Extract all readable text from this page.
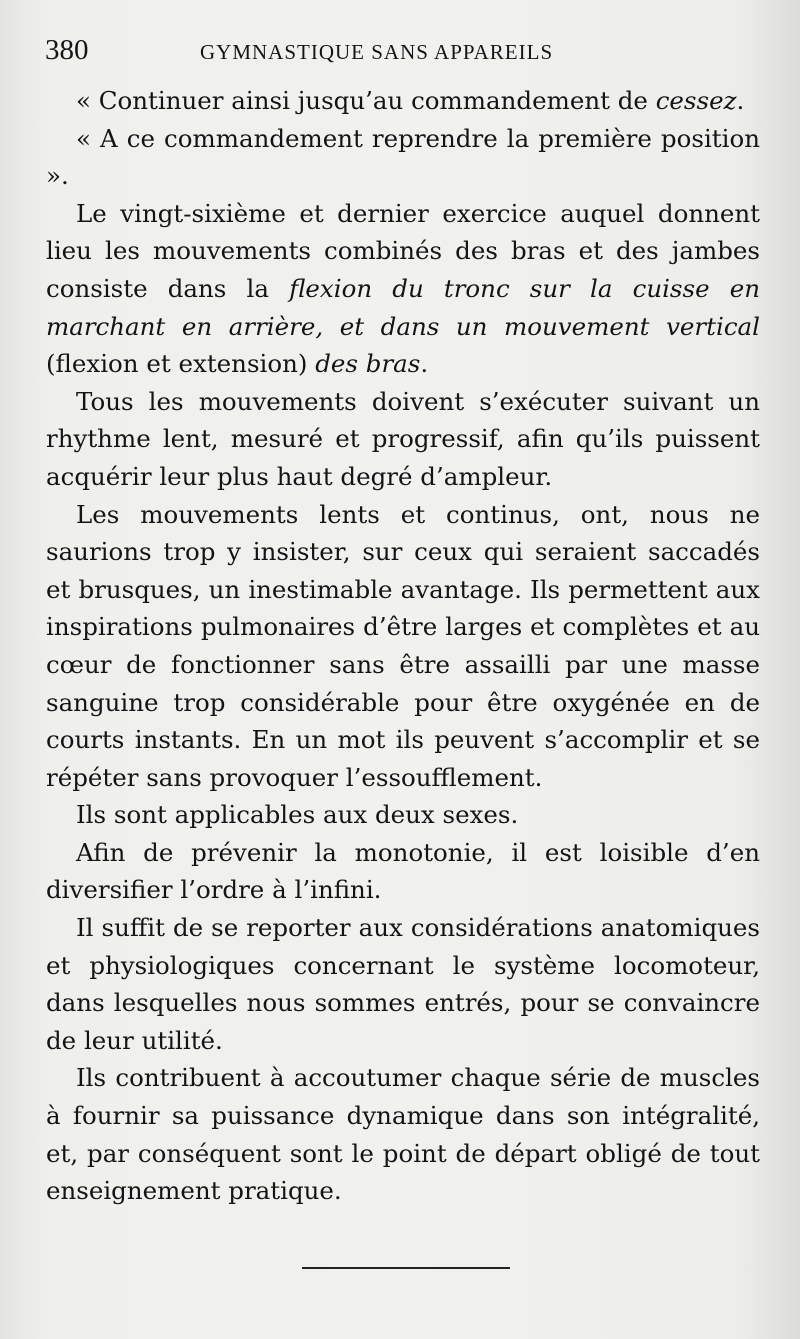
380	GYMNASTIQUE SANS APPAREILS

« Continuer ainsi jusqu’au commandement de cessez.

« A ce commandement reprendre la première position ».

Le vingt-sixième et dernier exercice auquel donnent lieu les mouvements combinés des bras et des jambes consiste dans la flexion du tronc sur la cuisse en marchant en arrière, et dans un mouvement vertical (flexion et extension) des bras.

Tous les mouvements doivent s’exécuter suivant un rhythme lent, mesuré et progressif, afin qu’ils puissent acquérir leur plus haut degré d’ampleur.

Les mouvements lents et continus, ont, nous ne saurions trop y insister, sur ceux qui seraient saccadés et brusques, un inestimable avantage. Ils permettent aux inspirations pulmonaires d’être larges et complètes et au cœur de fonctionner sans être assailli par une masse sanguine trop considérable pour être oxygénée en de courts instants. En un mot ils peuvent s’accomplir et se répéter sans provoquer l’essoufflement.

Ils sont applicables aux deux sexes.

Afin de prévenir la monotonie, il est loisible d’en diversifier l’ordre à l’infini.

Il suffit de se reporter aux considérations anatomiques et physiologiques concernant le système locomoteur, dans lesquelles nous sommes entrés, pour se convaincre de leur utilité.

Ils contribuent à accoutumer chaque série de muscles à fournir sa puissance dynamique dans son intégralité, et, par conséquent sont le point de départ obligé de tout enseignement pratique.
